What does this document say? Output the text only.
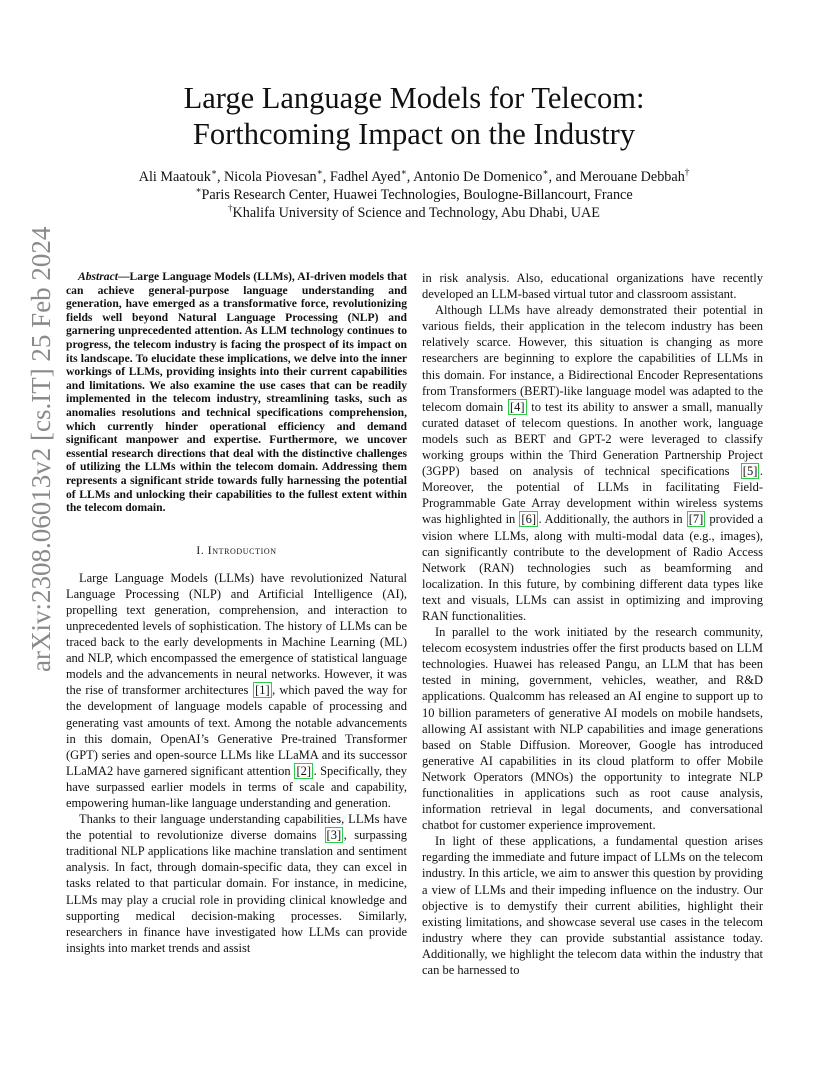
arXiv:2308.06013v2 [cs.IT] 25 Feb 2024
Large Language Models for Telecom:
Forthcoming Impact on the Industry
Ali Maatouk∗, Nicola Piovesan∗, Fadhel Ayed∗, Antonio De Domenico∗, and Merouane Debbah†
∗Paris Research Center, Huawei Technologies, Boulogne-Billancourt, France
†Khalifa University of Science and Technology, Abu Dhabi, UAE

Abstract—Large Language Models (LLMs), AI-driven models that can achieve general-purpose language understanding and generation, have emerged as a transformative force, revolutionizing fields well beyond Natural Language Processing (NLP) and garnering unprecedented attention. As LLM technology continues to progress, the telecom industry is facing the prospect of its impact on its landscape. To elucidate these implications, we delve into the inner workings of LLMs, providing insights into their current capabilities and limitations. We also examine the use cases that can be readily implemented in the telecom industry, streamlining tasks, such as anomalies resolutions and technical specifications comprehension, which currently hinder operational efficiency and demand significant manpower and expertise. Furthermore, we uncover essential research directions that deal with the distinctive challenges of utilizing the LLMs within the telecom domain. Addressing them represents a significant stride towards fully harnessing the potential of LLMs and unlocking their capabilities to the fullest extent within the telecom domain.

I. Introduction

Large Language Models (LLMs) have revolutionized Natural Language Processing (NLP) and Artificial Intelligence (AI), propelling text generation, comprehension, and interaction to unprecedented levels of sophistication. The history of LLMs can be traced back to the early developments in Machine Learning (ML) and NLP, which encompassed the emergence of statistical language models and the advancements in neural networks. However, it was the rise of transformer architectures [1] , which paved the way for the development of language models capable of processing and generating vast amounts of text. Among the notable advancements in this domain, OpenAI’s Generative Pre-trained Transformer (GPT) series and open-source LLMs like LLaMA and its successor LLaMA2 have garnered significant attention [2] . Specifically, they have surpassed earlier models in terms of scale and capability, empowering human-like language understanding and generation.

Thanks to their language understanding capabilities, LLMs have the potential to revolutionize diverse domains [3] , surpassing traditional NLP applications like machine translation and sentiment analysis. In fact, through domain-specific data, they can excel in tasks related to that particular domain. For instance, in medicine, LLMs may play a crucial role in providing clinical knowledge and supporting medical decision-making processes. Similarly, researchers in finance have investigated how LLMs can provide insights into market trends and assist

in risk analysis. Also, educational organizations have recently developed an LLM-based virtual tutor and classroom assistant.

Although LLMs have already demonstrated their potential in various fields, their application in the telecom industry has been relatively scarce. However, this situation is changing as more researchers are beginning to explore the capabilities of LLMs in this domain. For instance, a Bidirectional Encoder Representations from Transformers (BERT)-like language model was adapted to the telecom domain [4] to test its ability to answer a small, manually curated dataset of telecom questions. In another work, language models such as BERT and GPT-2 were leveraged to classify working groups within the Third Generation Partnership Project (3GPP) based on analysis of technical specifications [5] . Moreover, the potential of LLMs in facilitating Field-Programmable Gate Array development within wireless systems was highlighted in [6] . Additionally, the authors in [7] provided a vision where LLMs, along with multi-modal data (e.g., images), can significantly contribute to the development of Radio Access Network (RAN) technologies such as beamforming and localization. In this future, by combining different data types like text and visuals, LLMs can assist in optimizing and improving RAN functionalities.

In parallel to the work initiated by the research community, telecom ecosystem industries offer the first products based on LLM technologies. Huawei has released Pangu, an LLM that has been tested in mining, government, vehicles, weather, and R&D applications. Qualcomm has released an AI engine to support up to 10 billion parameters of generative AI models on mobile handsets, allowing AI assistant with NLP capabilities and image generations based on Stable Diffusion. Moreover, Google has introduced generative AI capabilities in its cloud platform to offer Mobile Network Operators (MNOs) the opportunity to integrate NLP functionalities in applications such as root cause analysis, information retrieval in legal documents, and conversational chatbot for customer experience improvement.

In light of these applications, a fundamental question arises regarding the immediate and future impact of LLMs on the telecom industry. In this article, we aim to answer this question by providing a view of LLMs and their impeding influence on the industry. Our objective is to demystify their current abilities, highlight their existing limitations, and showcase several use cases in the telecom industry where they can provide substantial assistance today. Additionally, we highlight the telecom data within the industry that can be harnessed to
